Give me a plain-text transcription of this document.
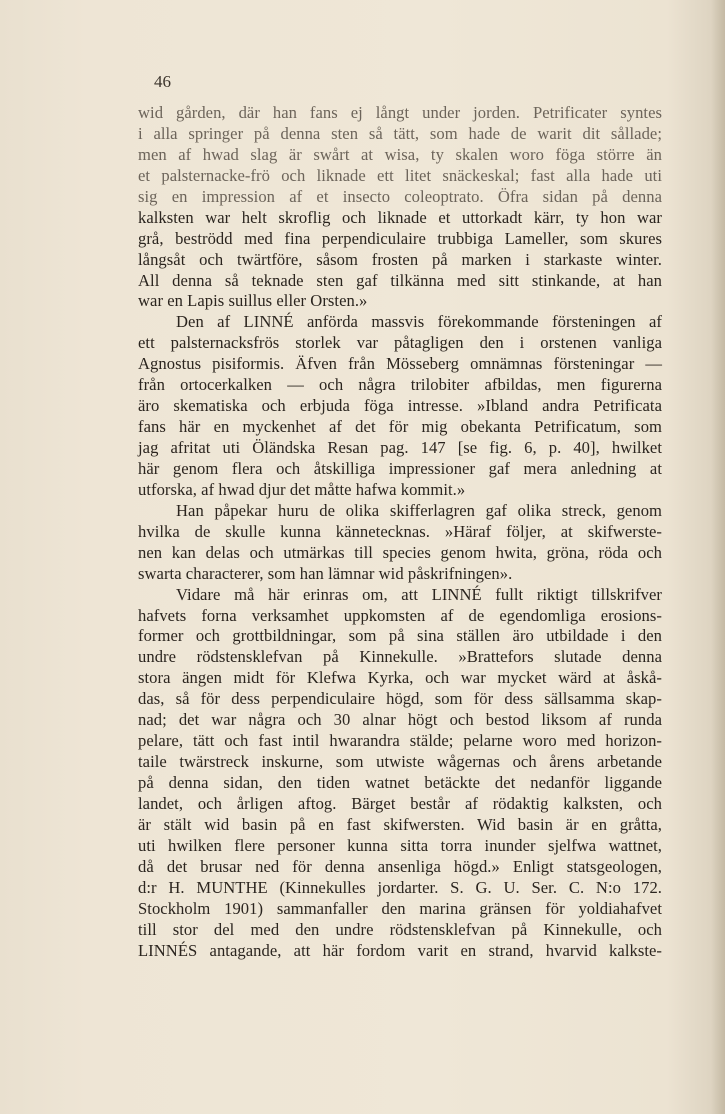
46
wid gården, där han fans ej långt under jorden. Petrificater syntes
i alla springer på denna sten så tätt, som hade de warit dit sållade;
men af hwad slag är swårt at wisa, ty skalen woro föga större än
et palsternacke-frö och liknade ett litet snäckeskal; fast alla hade uti
sig en impression af et insecto coleoptrato. Öfra sidan på denna
kalksten war helt skroflig och liknade et uttorkadt kärr, ty hon war
grå, beströdd med fina perpendiculaire trubbiga Lameller, som skures
långsåt och twärtföre, såsom frosten på marken i starkaste winter.
All denna så teknade sten gaf tilkänna med sitt stinkande, at han
war en Lapis suillus eller Orsten.»
Den af LINNÉ anförda massvis förekommande försteningen af
ett palsternacksfrös storlek var påtagligen den i orstenen vanliga
Agnostus pisiformis. Äfven från Mösseberg omnämnas försteningar —
från ortocerkalken — och några trilobiter afbildas, men figurerna
äro skematiska och erbjuda föga intresse. »Ibland andra Petrificata
fans här en myckenhet af det för mig obekanta Petrificatum, som
jag afritat uti Öländska Resan pag. 147 [se fig. 6, p. 40], hwilket
här genom flera och åtskilliga impressioner gaf mera anledning at
utforska, af hwad djur det måtte hafwa kommit.»
Han påpekar huru de olika skifferlagren gaf olika streck, genom
hvilka de skulle kunna kännetecknas. »Häraf följer, at skifwerste-
nen kan delas och utmärkas till species genom hwita, gröna, röda och
swarta characterer, som han lämnar wid påskrifningen».
Vidare må här erinras om, att LINNÉ fullt riktigt tillskrifver
hafvets forna verksamhet uppkomsten af de egendomliga erosions-
former och grottbildningar, som på sina ställen äro utbildade i den
undre rödstensklefvan på Kinnekulle. »Brattefors slutade denna
stora ängen midt för Klefwa Kyrka, och war mycket wärd at åskå-
das, så för dess perpendiculaire högd, som för dess sällsamma skap-
nad; det war några och 30 alnar högt och bestod liksom af runda
pelare, tätt och fast intil hwarandra stälde; pelarne woro med horizon-
taile twärstreck inskurne, som utwiste wågernas och årens arbetande
på denna sidan, den tiden watnet betäckte det nedanför liggande
landet, och årligen aftog. Bärget består af rödaktig kalksten, och
är stält wid basin på en fast skifwersten. Wid basin är en gråtta,
uti hwilken flere personer kunna sitta torra inunder sjelfwa wattnet,
då det brusar ned för denna ansenliga högd.» Enligt statsgeologen,
d:r H. MUNTHE (Kinnekulles jordarter. S. G. U. Ser. C. N:o 172.
Stockholm 1901) sammanfaller den marina gränsen för yoldiahafvet
till stor del med den undre rödstensklefvan på Kinnekulle, och
LINNÉS antagande, att här fordom varit en strand, hvarvid kalkste-
